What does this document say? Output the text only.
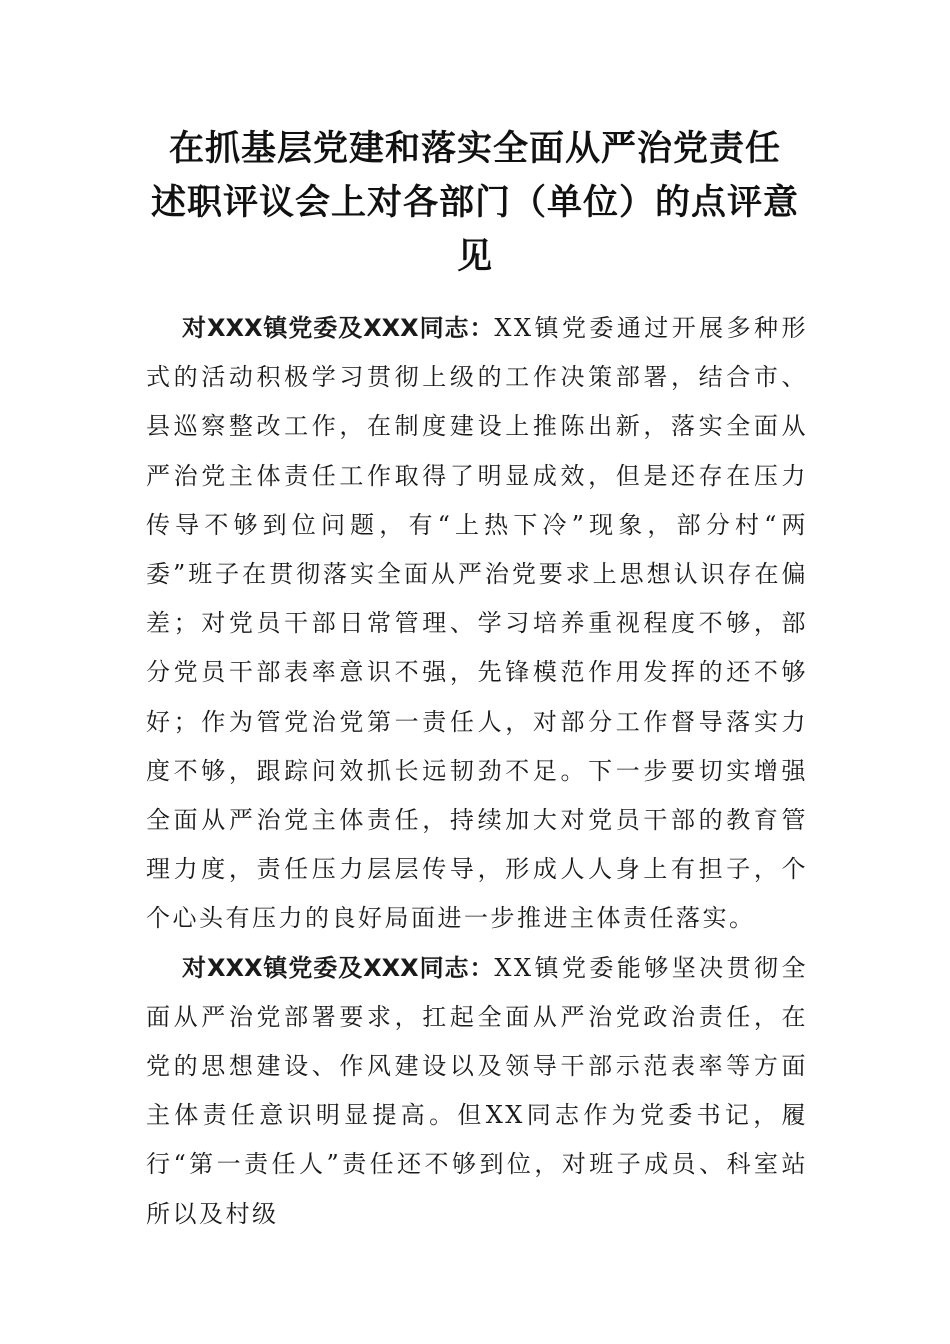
在抓基层党建和落实全面从严治党责任
述职评议会上对各部门（单位）的点评意
见

对XXX镇党委及XXX同志：XX镇党委通过开展多种形式的活动积极学习贯彻上级的工作决策部署，结合市、县巡察整改工作，在制度建设上推陈出新，落实全面从严治党主体责任工作取得了明显成效，但是还存在压力传导不够到位问题，有“上热下冷”现象，部分村“两委”班子在贯彻落实全面从严治党要求上思想认识存在偏差；对党员干部日常管理、学习培养重视程度不够，部分党员干部表率意识不强，先锋模范作用发挥的还不够好；作为管党治党第一责任人，对部分工作督导落实力度不够，跟踪问效抓长远韧劲不足。下一步要切实增强全面从严治党主体责任，持续加大对党员干部的教育管理力度，责任压力层层传导，形成人人身上有担子，个个心头有压力的良好局面进一步推进主体责任落实。

对XXX镇党委及XXX同志：XX镇党委能够坚决贯彻全面从严治党部署要求，扛起全面从严治党政治责任，在党的思想建设、作风建设以及领导干部示范表率等方面主体责任意识明显提高。但XX同志作为党委书记，履行“第一责任人”责任还不够到位，对班子成员、科室站所以及村级
